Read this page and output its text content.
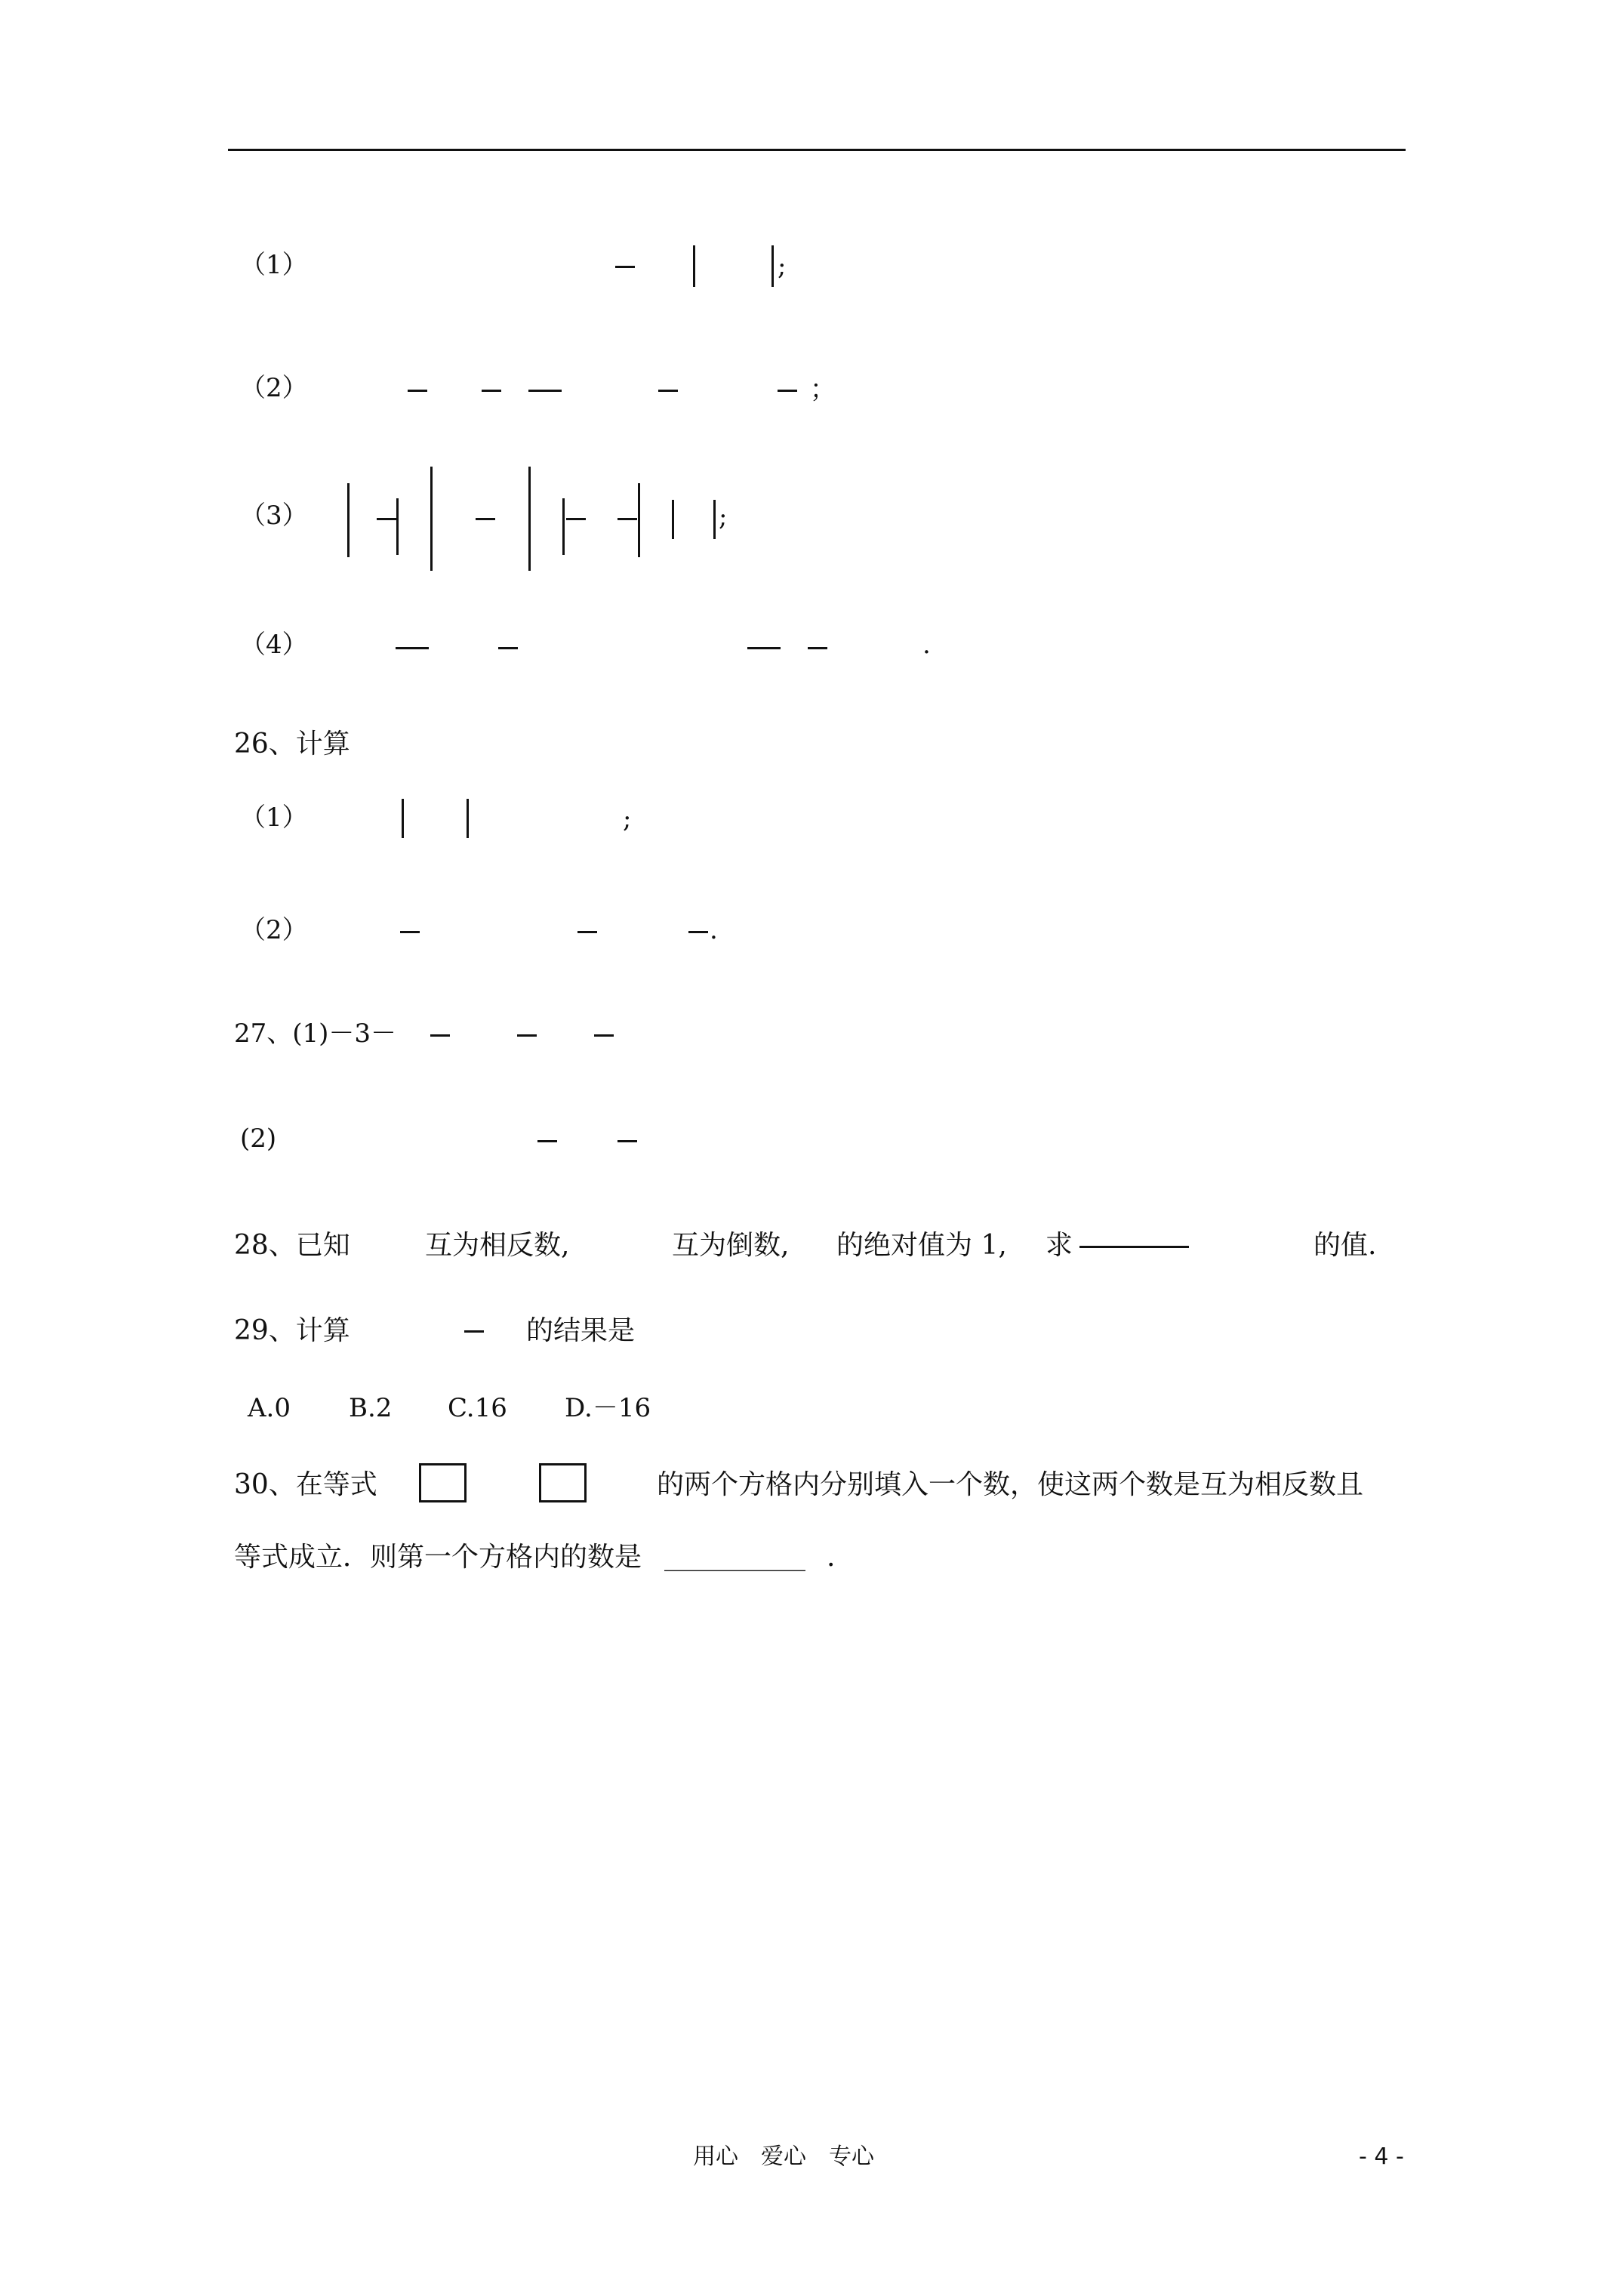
（1）	;
（2）	；
（3）	;
（4）	.
26、计算
（1）	;
（2）	.
27、(1)－3－
(2)
28、已知	互为相反数,	互为倒数, 的绝对值为 1, 求	的值.
29、计算	的结果是
A.0 B.2 C.16 D.－16
30、在等式	的两个方格内分别填入一个数，使这两个数是互为相反数且
等式成立．则第一个方格内的数是 ___________ .
用心　爱心　专心	- 4 -
